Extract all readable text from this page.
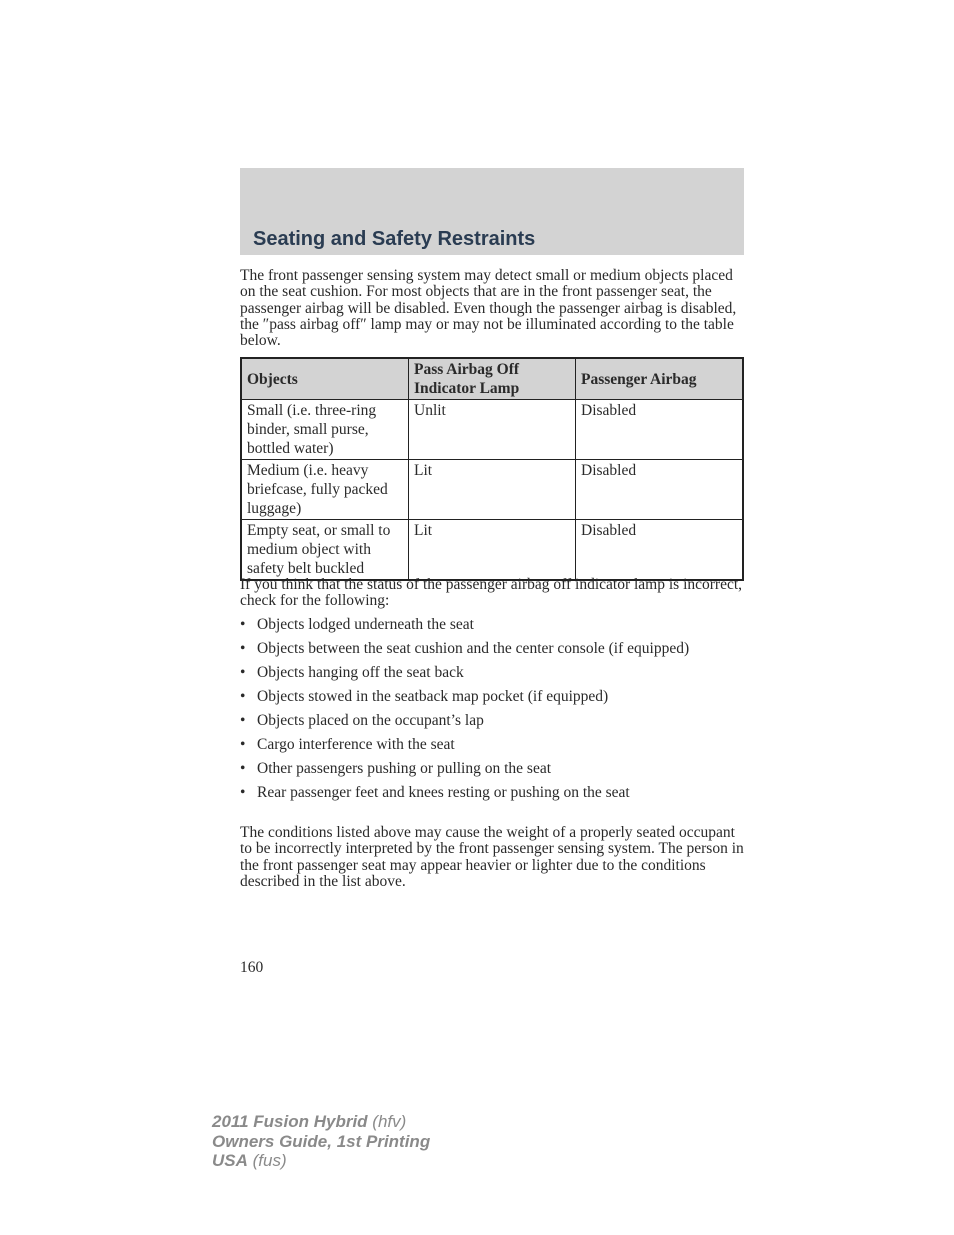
Seating and Safety Restraints

The front passenger sensing system may detect small or medium objects placed on the seat cushion. For most objects that are in the front passenger seat, the passenger airbag will be disabled. Even though the passenger airbag is disabled, the ″pass airbag off″ lamp may or may not be illuminated according to the table below.

Objects	Pass Airbag Off Indicator Lamp	Passenger Airbag
Small (i.e. three-ring binder, small purse, bottled water)	Unlit	Disabled
Medium (i.e. heavy briefcase, fully packed luggage)	Lit	Disabled
Empty seat, or small to medium object with safety belt buckled	Lit	Disabled

If you think that the status of the passenger airbag off indicator lamp is incorrect, check for the following:

• Objects lodged underneath the seat
• Objects between the seat cushion and the center console (if equipped)
• Objects hanging off the seat back
• Objects stowed in the seatback map pocket (if equipped)
• Objects placed on the occupant’s lap
• Cargo interference with the seat
• Other passengers pushing or pulling on the seat
• Rear passenger feet and knees resting or pushing on the seat

The conditions listed above may cause the weight of a properly seated occupant to be incorrectly interpreted by the front passenger sensing system. The person in the front passenger seat may appear heavier or lighter due to the conditions described in the list above.

160
2011 Fusion Hybrid (hfv)
Owners Guide, 1st Printing
USA (fus)
